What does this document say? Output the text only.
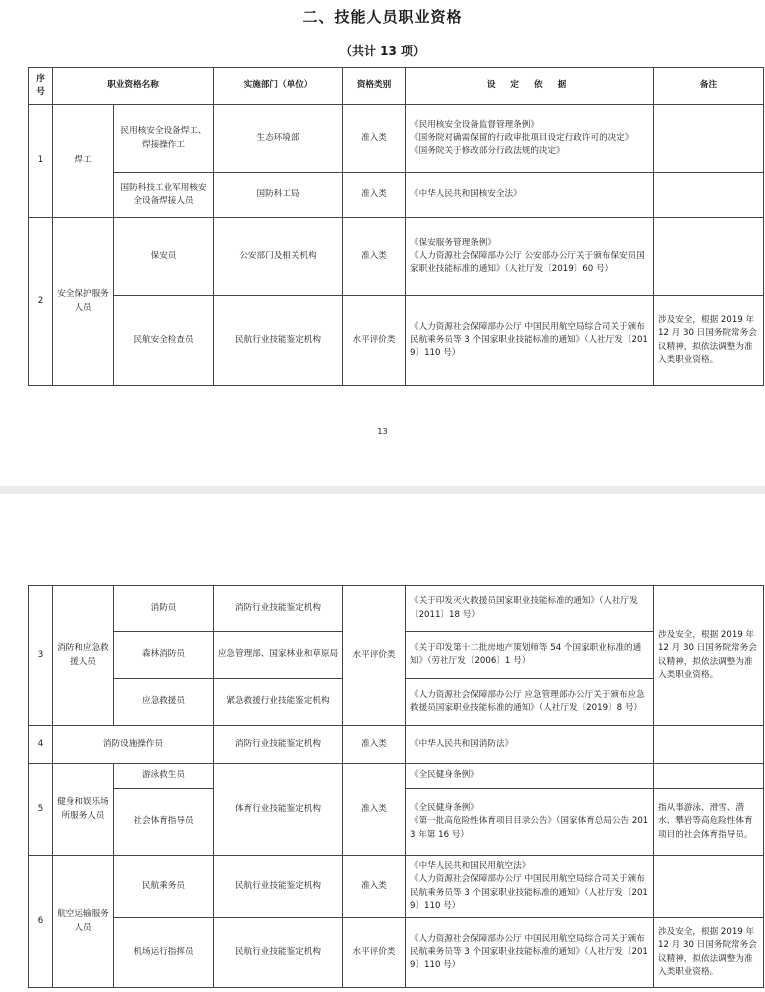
二、技能人员职业资格
（共计 13 项）
序号	职业资格名称		实施部门（单位）	资格类别	设 定 依 据	备注
1	焊工	民用核安全设备焊工、焊接操作工	生态环境部	准入类	《民用核安全设备监督管理条例》
《国务院对确需保留的行政审批项目设定行政许可的决定》
《国务院关于修改部分行政法规的决定》	

		国防科技工业军用核安全设备焊接人员	国防科工局	准入类	《中华人民共和国核安全法》	

2	安全保护服务人员	保安员	公安部门及相关机构	准入类	《保安服务管理条例》
《人力资源社会保障部办公厅 公安部办公厅关于颁布保安员国家职业技能标准的通知》（人社厅发〔2019〕60 号）	

		民航安全检查员	民航行业技能鉴定机构	水平评价类	《人力资源社会保障部办公厅 中国民用航空局综合司关于颁布民航乘务员等 3 个国家职业技能标准的通知》（人社厅发〔2019〕110 号）	涉及安全，根据 2019 年 12 月 30 日国务院常务会议精神，拟依法调整为准入类职业资格。
13
3	消防和应急救援人员	消防员	消防行业技能鉴定机构	水平评价类	《关于印发灭火救援员国家职业技能标准的通知》（人社厅发〔2011〕18 号）	涉及安全，根据 2019 年 12 月 30 日国务院常务会议精神，拟依法调整为准入类职业资格。
		森林消防员	应急管理部、国家林业和草原局		《关于印发第十二批房地产策划师等 54 个国家职业标准的通知》（劳社厅发〔2006〕1 号）	

		应急救援员	紧急救援行业技能鉴定机构		《人力资源社会保障部办公厅 应急管理部办公厅关于颁布应急救援员国家职业技能标准的通知》（人社厅发〔2019〕8 号）	

4	消防设施操作员		消防行业技能鉴定机构	准入类	《中华人民共和国消防法》	

5	健身和娱乐场所服务人员	游泳救生员	体育行业技能鉴定机构	准入类	《全民健身条例》	

		社会体育指导员			《全民健身条例》
《第一批高危险性体育项目目录公告》（国家体育总局公告 2013 年第 16 号）	指从事游泳、滑雪、潜水、攀岩等高危险性体育项目的社会体育指导员。
6	航空运输服务人员	民航乘务员	民航行业技能鉴定机构	准入类	《中华人民共和国民用航空法》
《人力资源社会保障部办公厅 中国民用航空局综合司关于颁布民航乘务员等 3 个国家职业技能标准的通知》（人社厅发〔2019〕110 号）	

		机场运行指挥员	民航行业技能鉴定机构	水平评价类	《人力资源社会保障部办公厅 中国民用航空局综合司关于颁布民航乘务员等 3 个国家职业技能标准的通知》（人社厅发〔2019〕110 号）	涉及安全，根据 2019 年 12 月 30 日国务院常务会议精神，拟依法调整为准入类职业资格。
